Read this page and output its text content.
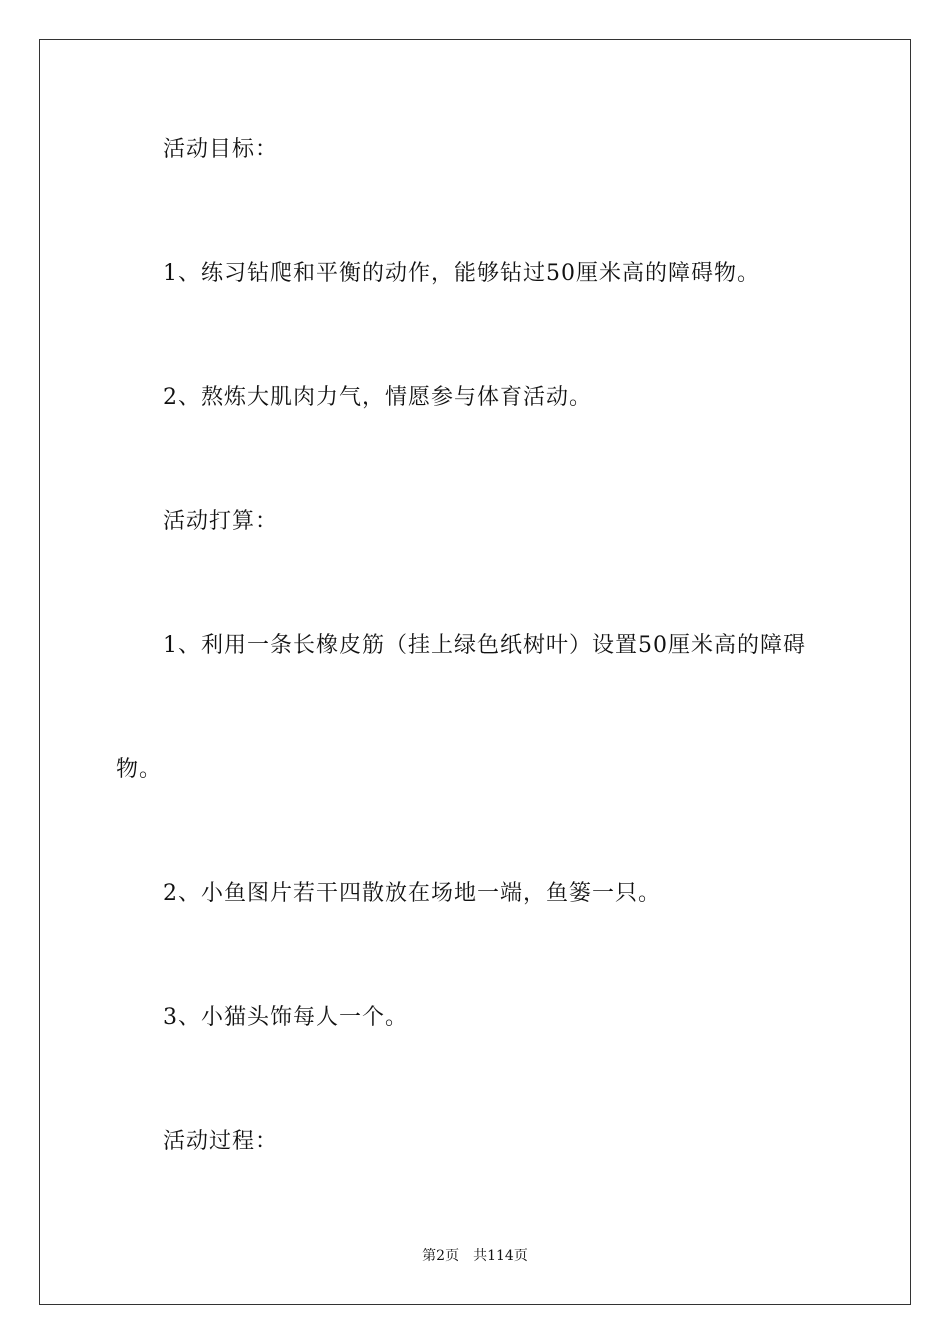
活动目标：
1、练习钻爬和平衡的动作，能够钻过50厘米高的障碍物。
2、熬炼大肌肉力气，情愿参与体育活动。
活动打算：
1、利用一条长橡皮筋（挂上绿色纸树叶）设置50厘米高的障碍
物。
2、小鱼图片若干四散放在场地一端，鱼篓一只。
3、小猫头饰每人一个。
活动过程：
第2页 共114页
